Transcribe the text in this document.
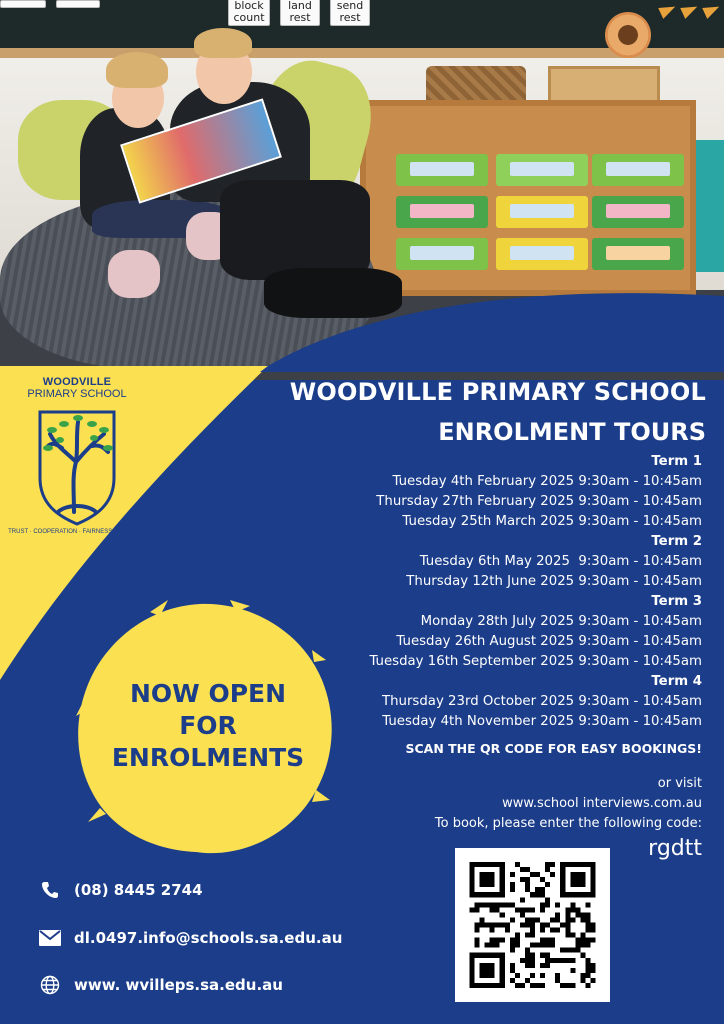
block count
land rest
send rest
WOODVILLE
PRIMARY SCHOOL
TRUST · COOPERATION · FAIRNESS · RESPECT
WOODVILLE PRIMARY SCHOOL
ENROLMENT TOURS
Term 1
Tuesday 4th February 2025 9:30am - 10:45am
Thursday 27th February 2025 9:30am - 10:45am
Tuesday 25th March 2025 9:30am - 10:45am
Term 2
Tuesday 6th May 2025  9:30am - 10:45am
Thursday 12th June 2025 9:30am - 10:45am
Term 3
Monday 28th July 2025 9:30am - 10:45am
Tuesday 26th August 2025 9:30am - 10:45am
Tuesday 16th September 2025 9:30am - 10:45am
Term 4
Thursday 23rd October 2025 9:30am - 10:45am
Tuesday 4th November 2025 9:30am - 10:45am
SCAN THE QR CODE FOR EASY BOOKINGS!
or visit
www.school interviews.com.au
To book, please enter the following code:
rgdtt
NOW OPEN
FOR
ENROLMENTS
(08) 8445 2744
dl.0497.info@schools.sa.edu.au
www. wvilleps.sa.edu.au
